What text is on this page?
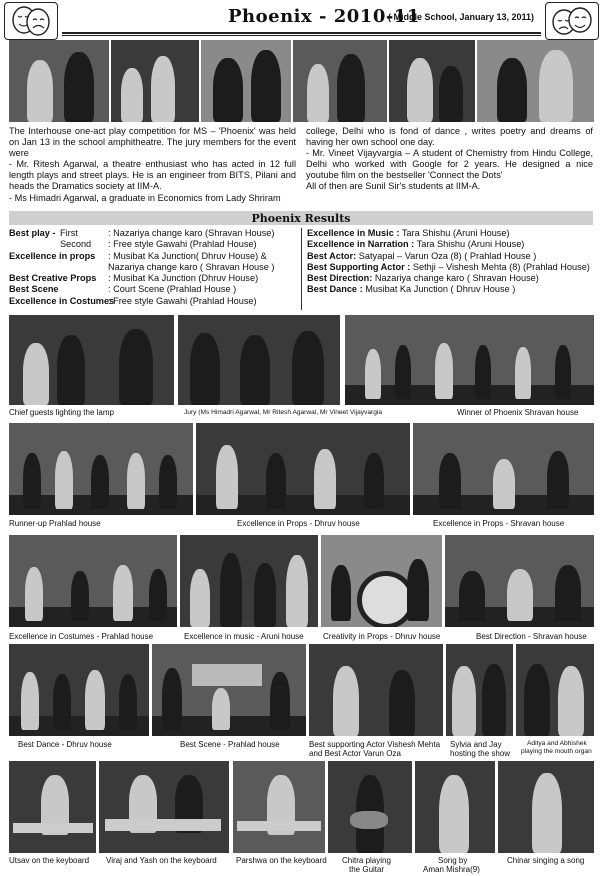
Phoenix - 2010-11
( Middle School, January 13, 2011)

The Interhouse one-act play competition for MS – 'Phoenix' was held on Jan 13 in the school amphitheatre. The jury members for the event were

- Mr. Ritesh Agarwal, a theatre enthusiast who has acted in 12 full length plays and street plays. He is an engineer from BITS, Pilani and heads the Dramatics society at IIM-A.

- Ms Himadri Agarwal, a graduate in Economics from Lady Shriram

college, Delhi who is fond of dance , writes poetry and dreams of having her own school one day.

- Mr. Vineet Vijayvargia – A student of Chemistry from Hindu College, Delhi who worked with Google for 2 years. He designed a nice youtube film on the bestseller 'Connect the Dots'

All of then are Sunil Sir's students at IIM-A.

Phoenix Results
Best play - First	: Nazariya change karo (Shravan House)
Second : Free style Gawahi (Prahlad House)
Excellence in props : Musibat Ka Junction( Dhruv House) &
Nazariya change karo ( Shravan House )
Best Creative Props : Musibat Ka Junction (Dhruv House)
Best Scene	: Court Scene (Prahlad House )
Excellence in Costumes
: Free style Gawahi (Prahlad House)
Excellence in Music : Tara Shishu (Aruni House)
Excellence in Narration : Tara Shishu (Aruni House)
Best Actor: Satyapal – Varun Oza (8) ( Prahlad House )
Best Supporting Actor : Sethji – Vishesh Mehta (8) (Prahlad House)
Best Direction: Nazariya change karo ( Shravan House)
Best Dance : Musibat Ka Junction ( Dhruv House )
Chief guests lighting the lamp	Jury (Ms Himadri Agarwal, Mr Ritesh Agarwal, Mr Vineet Vijayvargia	Winner of Phoenix Shravan house
Runner-up Prahlad house	Excellence in Props - Dhruv house	Excellence in Props - Shravan house
Excellence in Costumes - Prahlad house	Excellence in music - Aruni house Creativity in Props - Dhruv house	Best Direction - Shravan house
Best Dance - Dhruv house	Best Scene - Prahlad house	Best supporting Actor Vishesh Mehta
and Best Actor Varun Oza
Sylvia and Jay
hosting the show
Aditya and Abhishek
playing the mouth organ
Utsav on the keyboard Viraj and Yash on the keyboard Parshwa on the keyboard Chitra playing
the Guitar
Song by
Aman Mishra(9)
Chinar singing a song
